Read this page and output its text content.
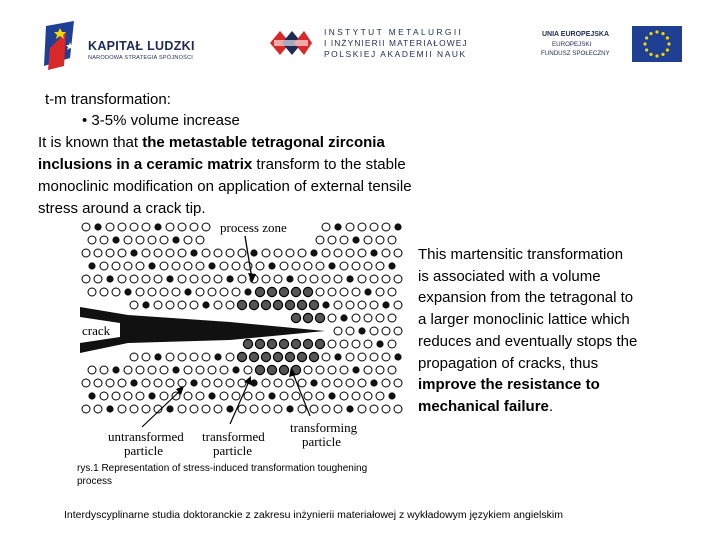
KAPITAŁ LUDZKI
NARODOWA STRATEGIA SPÓJNOŚCI
INSTYTUT METALURGII
I INŻYNIERII MATERIAŁOWEJ
POLSKIEJ AKADEMII NAUK
UNIA EUROPEJSKA
EUROPEJSKI
FUNDUSZ SPOŁECZNY
t-m transformation:
• 3-5% volume increase
It is known that the metastable tetragonal zirconia
inclusions in a ceramic matrix transform to the stable
monoclinic modification on application of external tensile
stress around a crack tip.
crack
process zone
untransformed
particle
transformed
particle
transforming
particle
This martensitic transformation
is associated with a volume
expansion from the tetragonal to
a larger monoclinic lattice which
reduces and eventually stops the
propagation of cracks, thus
improve the resistance to
mechanical failure.
rys.1 Representation of stress-induced transformation toughening
process
Interdyscyplinarne studia doktoranckie z zakresu inżynierii materiałowej z wykładowym językiem angielskim
